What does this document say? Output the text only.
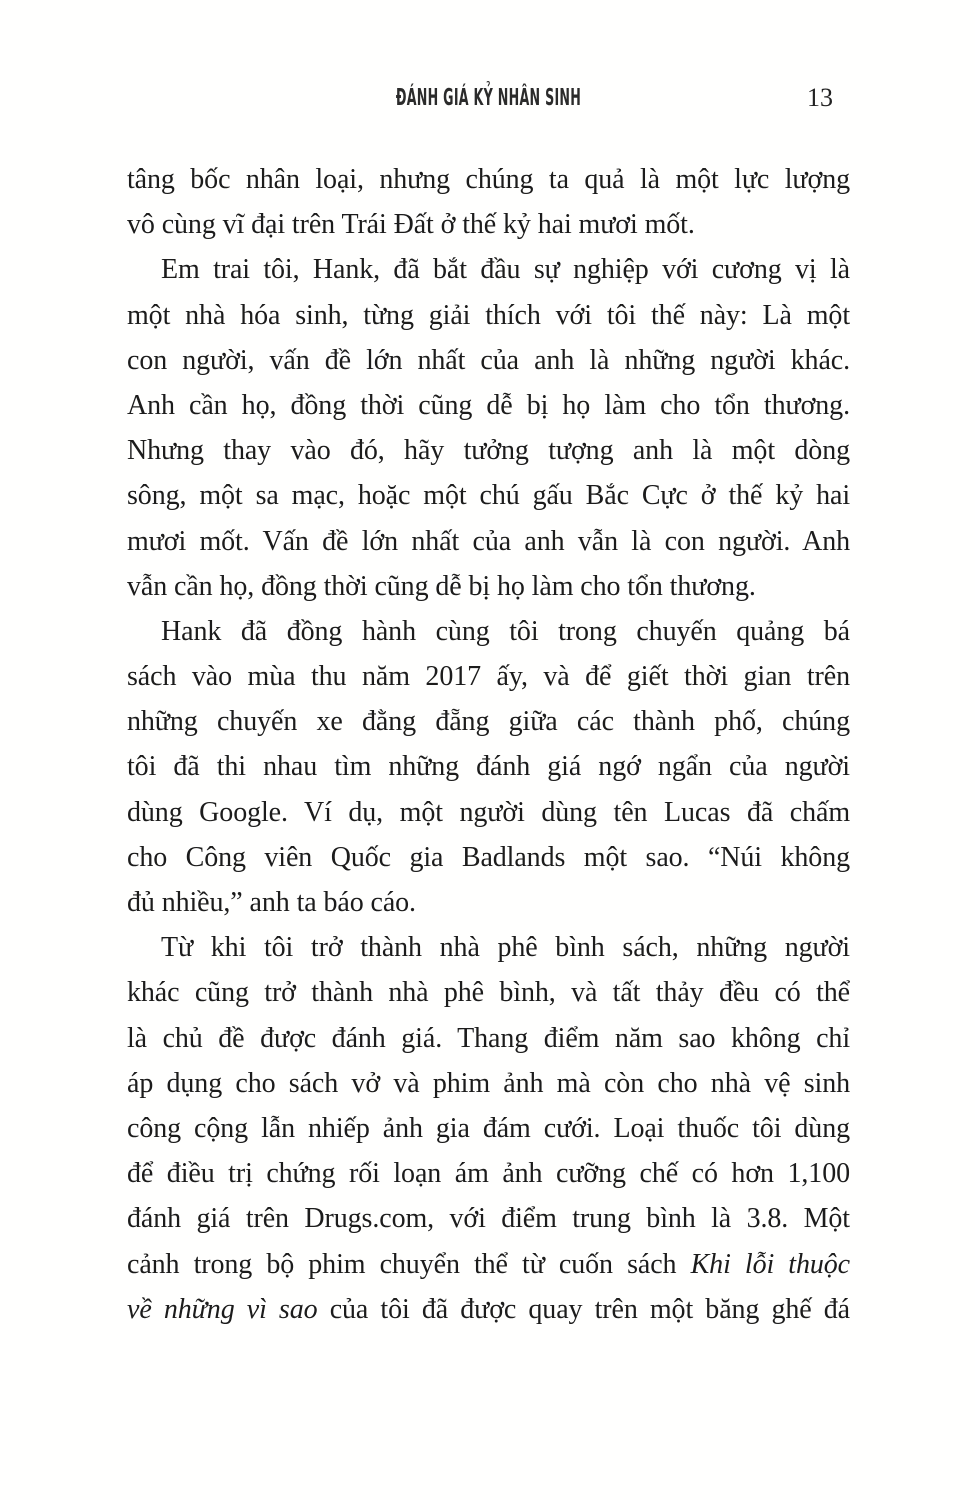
ĐÁNH GIÁ KỶ NHÂN SINH	13
tâng bốc nhân loại, nhưng chúng ta quả là một lực lượng
vô cùng vĩ đại trên Trái Đất ở thế kỷ hai mươi mốt.
Em trai tôi, Hank, đã bắt đầu sự nghiệp với cương vị là
một nhà hóa sinh, từng giải thích với tôi thế này: Là một
con người, vấn đề lớn nhất của anh là những người khác.
Anh cần họ, đồng thời cũng dễ bị họ làm cho tổn thương.
Nhưng thay vào đó, hãy tưởng tượng anh là một dòng
sông, một sa mạc, hoặc một chú gấu Bắc Cực ở thế kỷ hai
mươi mốt. Vấn đề lớn nhất của anh vẫn là con người. Anh
vẫn cần họ, đồng thời cũng dễ bị họ làm cho tổn thương.
Hank đã đồng hành cùng tôi trong chuyến quảng bá
sách vào mùa thu năm 2017 ấy, và để giết thời gian trên
những chuyến xe đằng đẵng giữa các thành phố, chúng
tôi đã thi nhau tìm những đánh giá ngớ ngẩn của người
dùng Google. Ví dụ, một người dùng tên Lucas đã chấm
cho Công viên Quốc gia Badlands một sao. “Núi không
đủ nhiều,” anh ta báo cáo.
Từ khi tôi trở thành nhà phê bình sách, những người
khác cũng trở thành nhà phê bình, và tất thảy đều có thể
là chủ đề được đánh giá. Thang điểm năm sao không chỉ
áp dụng cho sách vở và phim ảnh mà còn cho nhà vệ sinh
công cộng lẫn nhiếp ảnh gia đám cưới. Loại thuốc tôi dùng
để điều trị chứng rối loạn ám ảnh cưỡng chế có hơn 1,100
đánh giá trên Drugs.com, với điểm trung bình là 3.8. Một
cảnh trong bộ phim chuyển thể từ cuốn sách Khi lỗi thuộc
về những vì sao của tôi đã được quay trên một băng ghế đá
